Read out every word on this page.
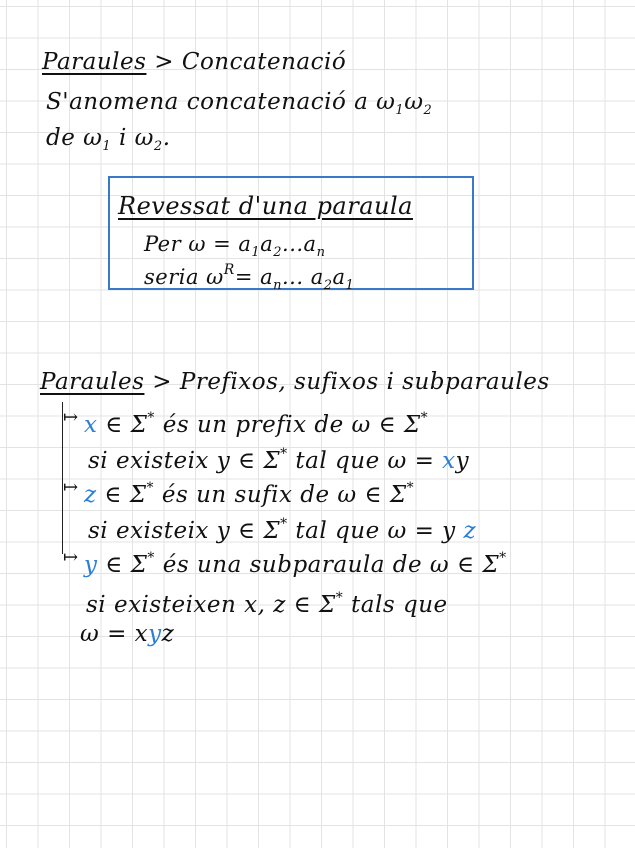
Paraules > Concatenació
S'anomena concatenació a $\omega_1\omega_2$
de $\omega_1$ i $\omega_2$.
Revessat d'una paraula
Per $\omega = a_1a_2...a_n$
seria $\omega^R= a_n$... $a_2a_1$
Paraules > Prefixos, sufixos i subparaules
↦ x ∈ Σ* és un prefix de ω ∈ Σ*
si existeix y ∈ Σ* tal que ω = xy
↦ z ∈ Σ* és un sufix de ω ∈ Σ*
si existeix y ∈ Σ* tal que ω = y z
↦ y ∈ Σ* és una subparaula de ω ∈ Σ*
si existeixen x, z ∈ Σ* tals que
ω = xyz
